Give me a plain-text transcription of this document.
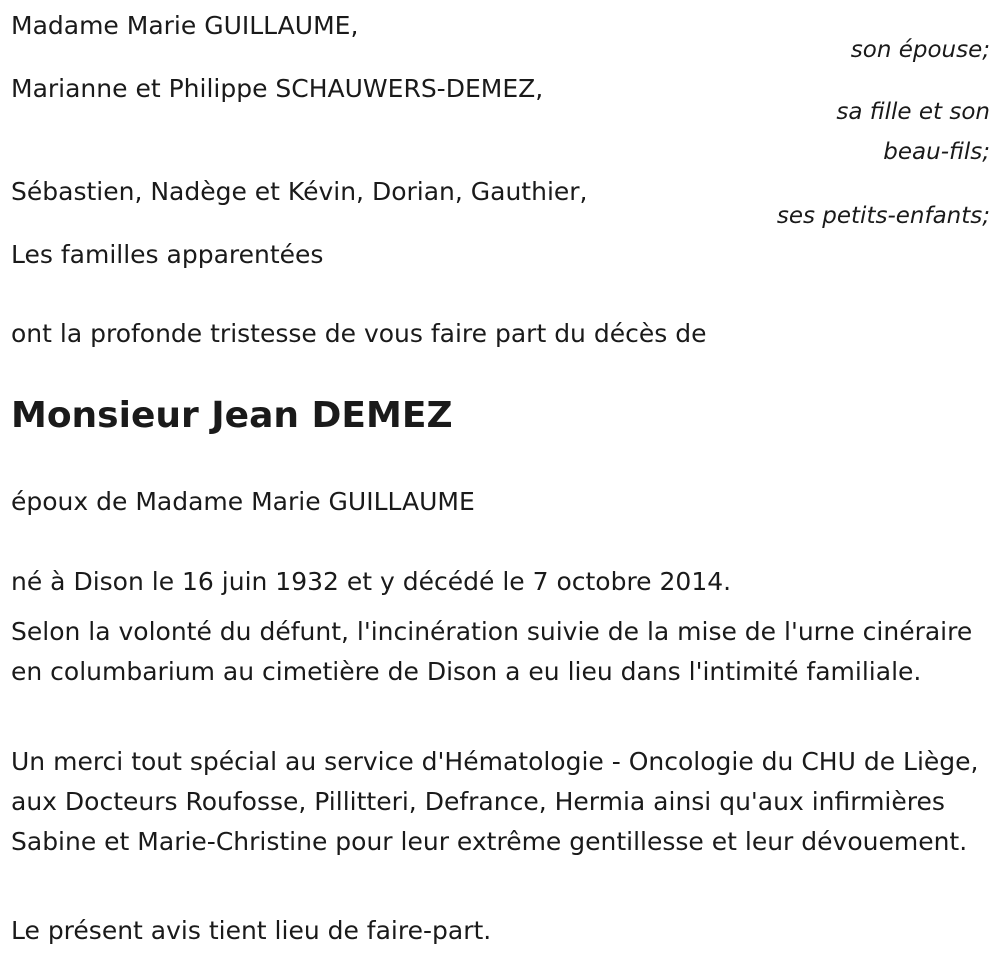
Madame Marie GUILLAUME,
son épouse;
Marianne et Philippe SCHAUWERS-DEMEZ,
sa fille et son
beau-fils;
Sébastien, Nadège et Kévin, Dorian, Gauthier,
ses petits-enfants;
Les familles apparentées
ont la profonde tristesse de vous faire part du décès de
Monsieur Jean DEMEZ
époux de Madame Marie GUILLAUME
né à Dison le 16 juin 1932 et y décédé le 7 octobre 2014.
Selon la volonté du défunt, l'incinération suivie de la mise de l'urne cinéraire en columbarium au cimetière de Dison a eu lieu dans l'intimité familiale.
Un merci tout spécial au service d'Hématologie - Oncologie du CHU de Liège, aux Docteurs Roufosse, Pillitteri, Defrance, Hermia ainsi qu'aux infirmières Sabine et Marie-Christine pour leur extrême gentillesse et leur dévouement.
Le présent avis tient lieu de faire-part.
